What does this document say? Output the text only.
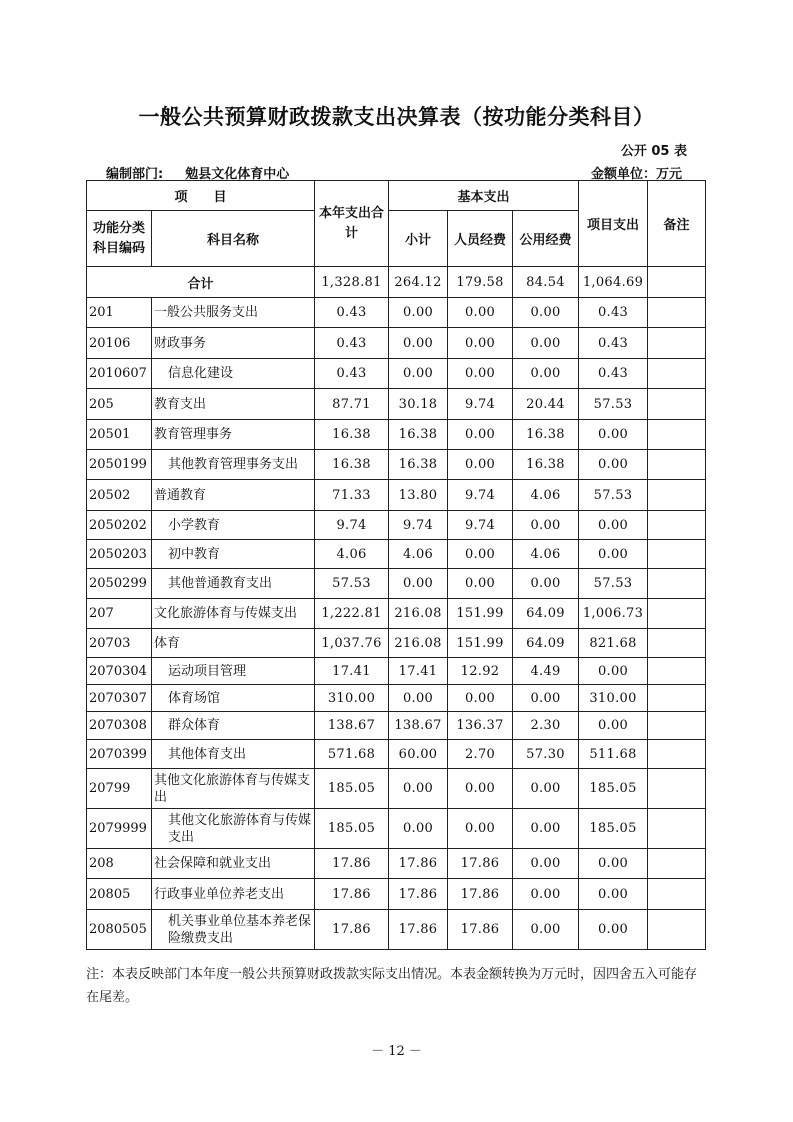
一般公共预算财政拨款支出决算表（按功能分类科目）
公开 05 表
编制部门: 勉县文化体育中心	金额单位：万元
项　　目		本年支出合计	基本支出			项目支出	备注
功能分类科目编码	科目名称		小计	人员经费	公用经费		
合计		1,328.81	264.12	179.58	84.54	1,064.69	
201	一般公共服务支出	0.43	0.00	0.00	0.00	0.43	
20106	财政事务	0.43	0.00	0.00	0.00	0.43	
2010607	信息化建设	0.43	0.00	0.00	0.00	0.43	
205	教育支出	87.71	30.18	9.74	20.44	57.53	
20501	教育管理事务	16.38	16.38	0.00	16.38	0.00	
2050199	其他教育管理事务支出	16.38	16.38	0.00	16.38	0.00	
20502	普通教育	71.33	13.80	9.74	4.06	57.53	
2050202	小学教育	9.74	9.74	9.74	0.00	0.00	
2050203	初中教育	4.06	4.06	0.00	4.06	0.00	
2050299	其他普通教育支出	57.53	0.00	0.00	0.00	57.53	
207	文化旅游体育与传媒支出	1,222.81	216.08	151.99	64.09	1,006.73	
20703	体育	1,037.76	216.08	151.99	64.09	821.68	
2070304	运动项目管理	17.41	17.41	12.92	4.49	0.00	
2070307	体育场馆	310.00	0.00	0.00	0.00	310.00	
2070308	群众体育	138.67	138.67	136.37	2.30	0.00	
2070399	其他体育支出	571.68	60.00	2.70	57.30	511.68	
20799	其他文化旅游体育与传媒支出	185.05	0.00	0.00	0.00	185.05	
2079999	其他文化旅游体育与传媒支出	185.05	0.00	0.00	0.00	185.05	
208	社会保障和就业支出	17.86	17.86	17.86	0.00	0.00	
20805	行政事业单位养老支出	17.86	17.86	17.86	0.00	0.00	
2080505	机关事业单位基本养老保险缴费支出	17.86	17.86	17.86	0.00	0.00	
注：本表反映部门本年度一般公共预算财政拨款实际支出情况。本表金额转换为万元时，因四舍五入可能存在尾差。
－ 12 －
